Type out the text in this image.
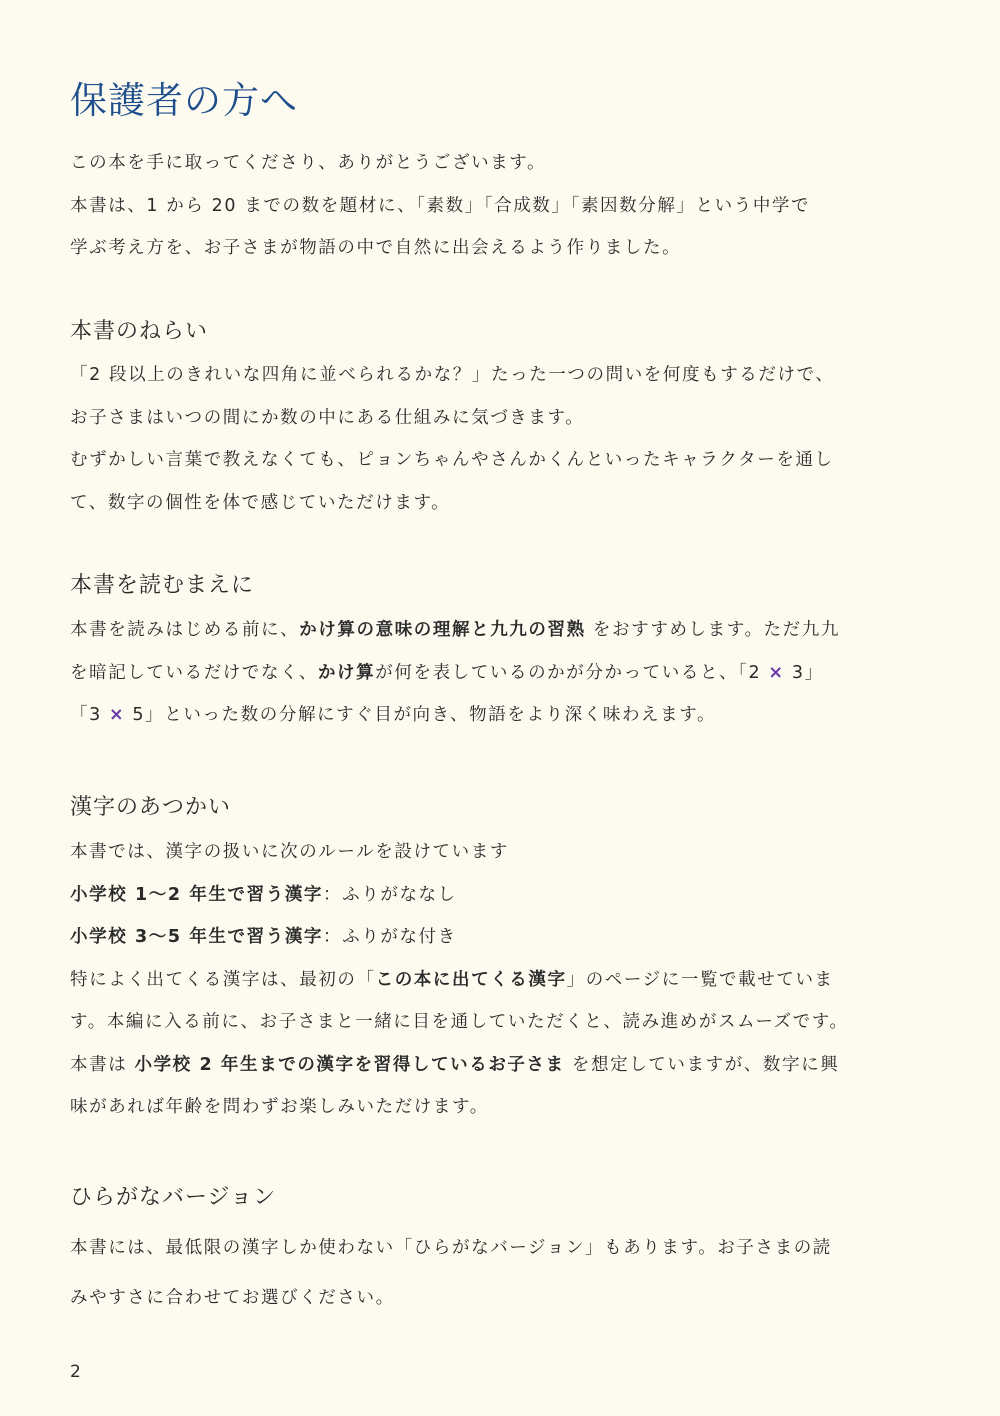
保護者の方へ
この本を手に取ってくださり、ありがとうございます。
本書は、1 から 20 までの数を題材に、「素数」「合成数」「素因数分解」という中学で
学ぶ考え方を、お子さまが物語の中で自然に出会えるよう作りました。
本書のねらい
「2 段以上のきれいな四角に並べられるかな？」たった一つの問いを何度もするだけで、
お子さまはいつの間にか数の中にある仕組みに気づきます。
むずかしい言葉で教えなくても、ピョンちゃんやさんかくんといったキャラクターを通し
て、数字の個性を体で感じていただけます。
本書を読むまえに
本書を読みはじめる前に、かけ算の意味の理解と九九の習熟 をおすすめします。ただ九九
を暗記しているだけでなく、かけ算が何を表しているのかが分かっていると、「2 × 3」
「3 × 5」といった数の分解にすぐ目が向き、物語をより深く味わえます。
漢字のあつかい
本書では、漢字の扱いに次のルールを設けています
小学校 1〜2 年生で習う漢字：ふりがななし
小学校 3〜5 年生で習う漢字：ふりがな付き
特によく出てくる漢字は、最初の「この本に出てくる漢字」のページに一覧で載せていま
す。本編に入る前に、お子さまと一緒に目を通していただくと、読み進めがスムーズです。
本書は 小学校 2 年生までの漢字を習得しているお子さま を想定していますが、数字に興
味があれば年齢を問わずお楽しみいただけます。
ひらがなバージョン
本書には、最低限の漢字しか使わない「ひらがなバージョン」もあります。お子さまの読
みやすさに合わせてお選びください。
2
